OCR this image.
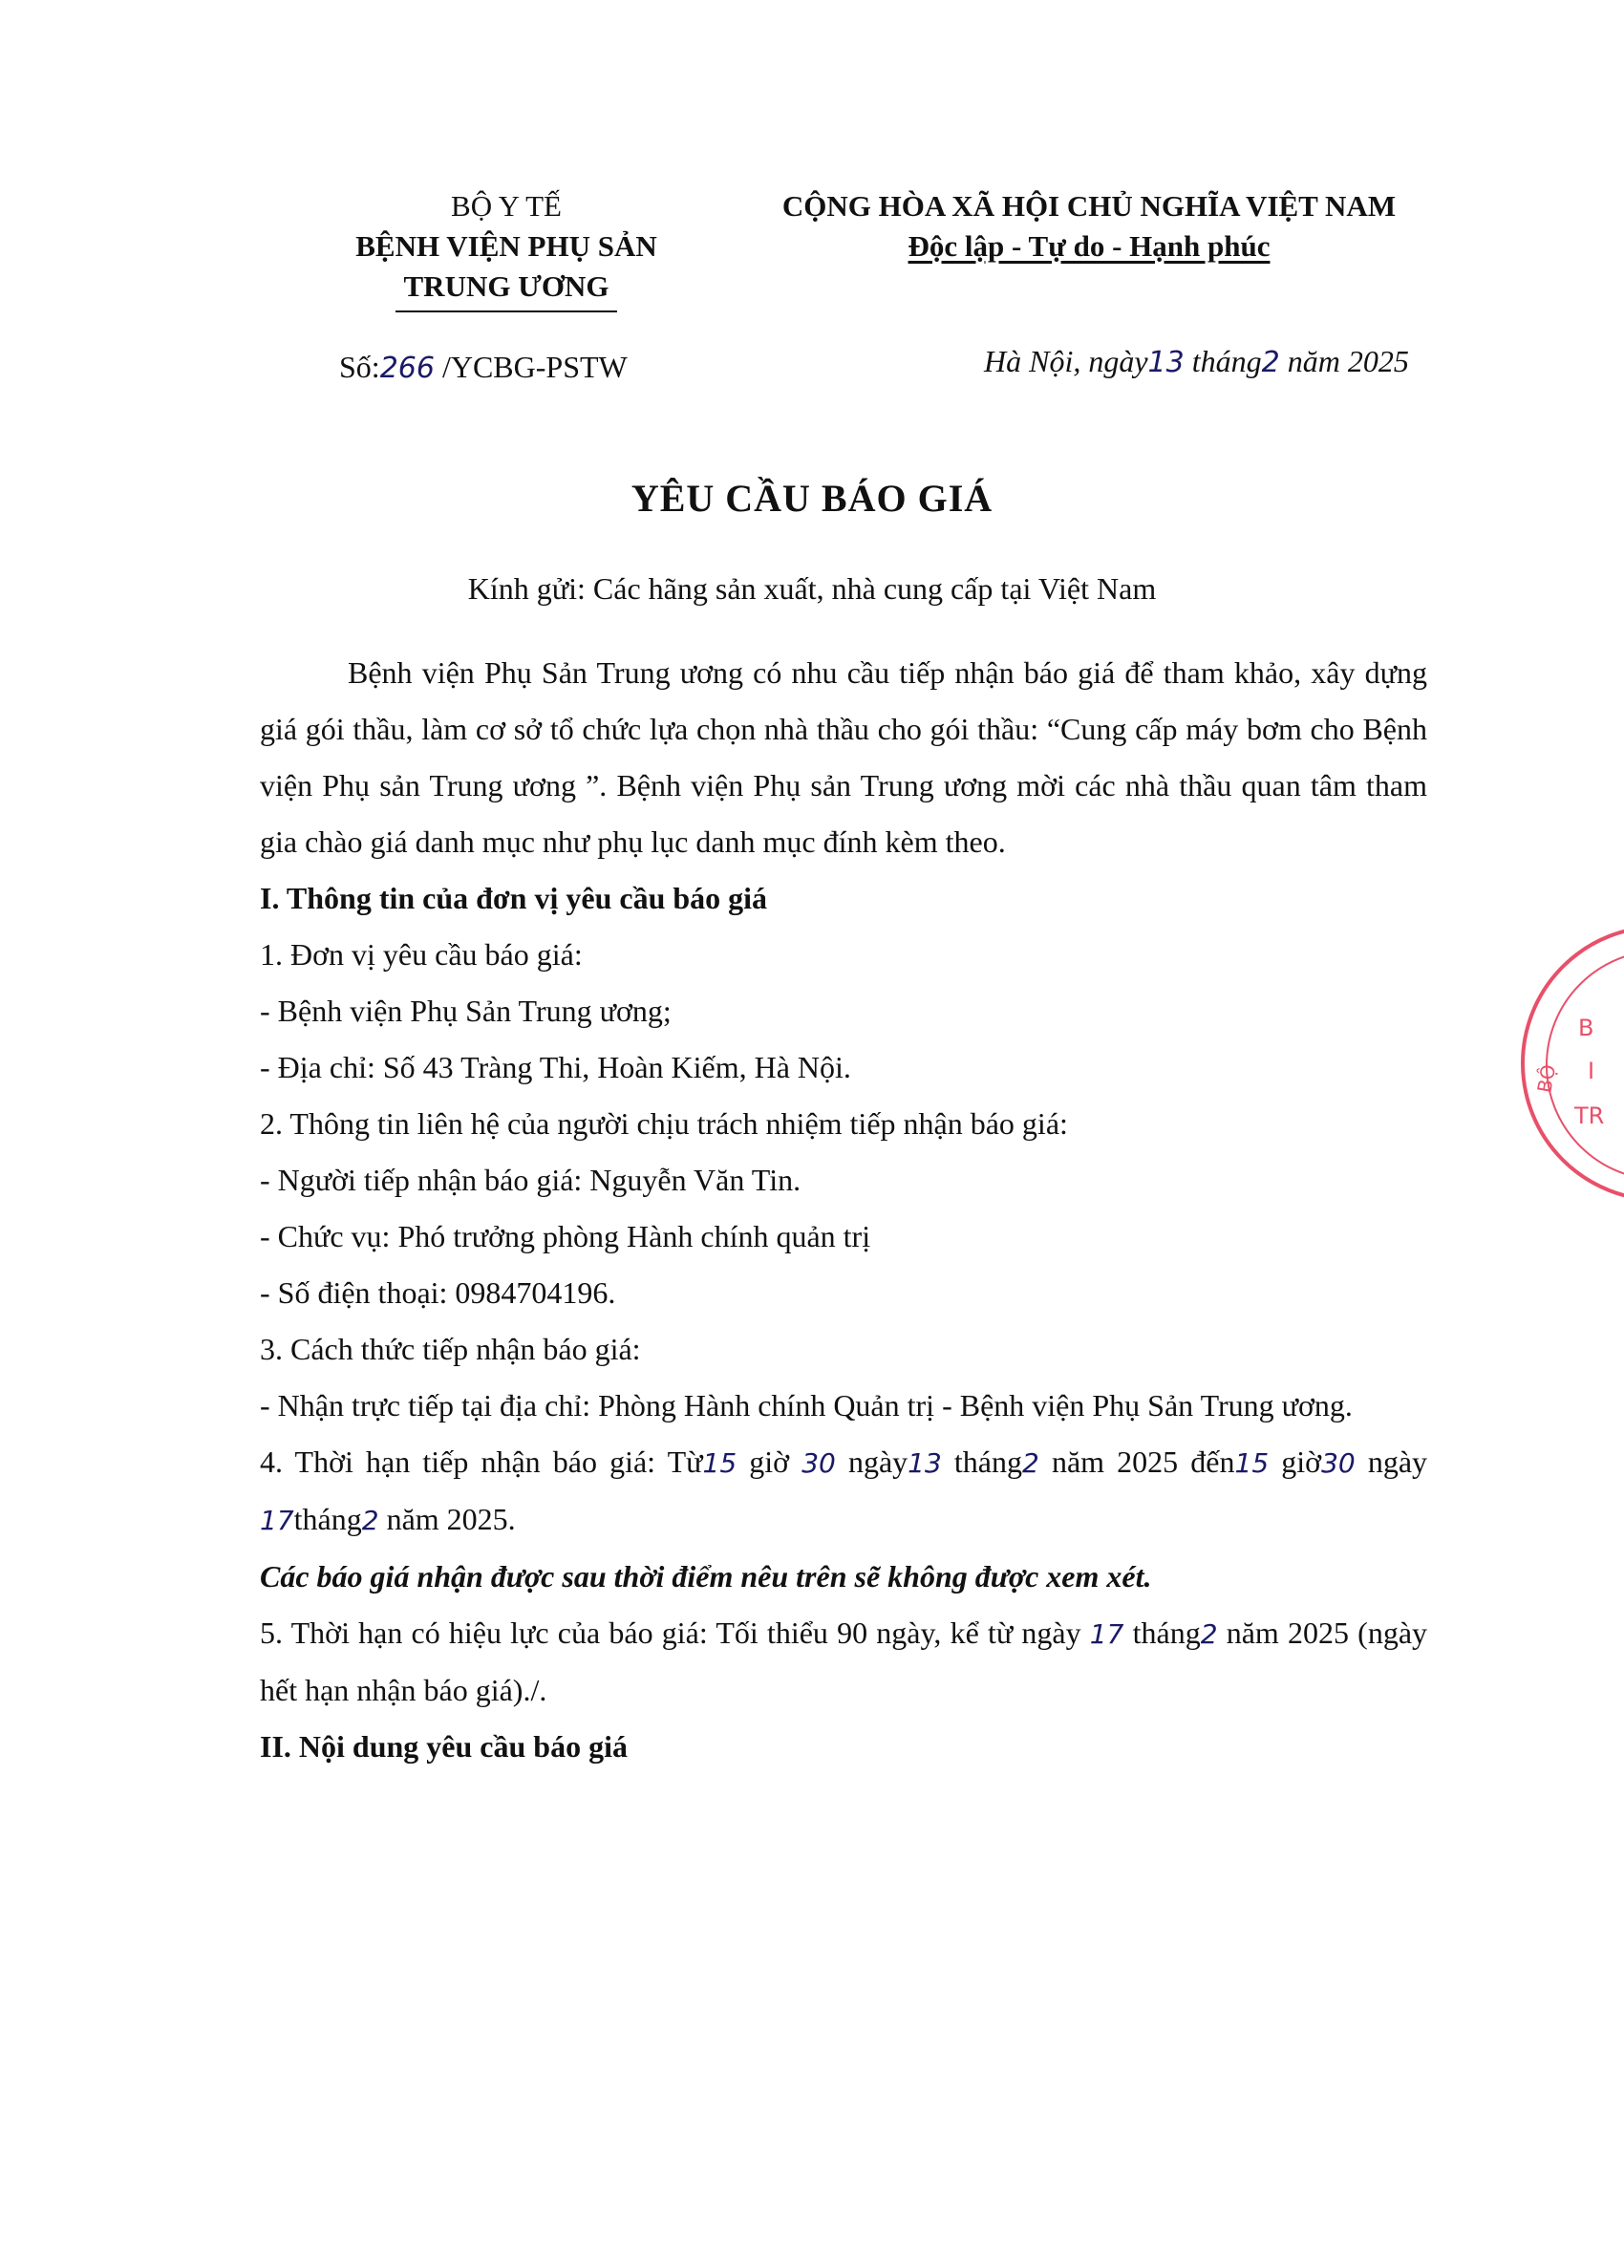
BỘ Y TẾ
BỆNH VIỆN PHỤ SẢN
TRUNG ƯƠNG
CỘNG HÒA XÃ HỘI CHỦ NGHĨA VIỆT NAM
Độc lập - Tự do - Hạnh phúc
Số:266 /YCBG-PSTW	Hà Nội, ngày13 tháng2 năm 2025
YÊU CẦU BÁO GIÁ
Kính gửi: Các hãng sản xuất, nhà cung cấp tại Việt Nam

Bệnh viện Phụ Sản Trung ương có nhu cầu tiếp nhận báo giá để tham khảo, xây dựng giá gói thầu, làm cơ sở tổ chức lựa chọn nhà thầu cho gói thầu: “Cung cấp máy bơm cho Bệnh viện Phụ sản Trung ương ”. Bệnh viện Phụ sản Trung ương mời các nhà thầu quan tâm tham gia chào giá danh mục như phụ lục danh mục đính kèm theo.

I. Thông tin của đơn vị yêu cầu báo giá

1. Đơn vị yêu cầu báo giá:

- Bệnh viện Phụ Sản Trung ương;

- Địa chỉ: Số 43 Tràng Thi, Hoàn Kiếm, Hà Nội.

2. Thông tin liên hệ của người chịu trách nhiệm tiếp nhận báo giá:

- Người tiếp nhận báo giá: Nguyễn Văn Tin.

- Chức vụ: Phó trưởng phòng Hành chính quản trị

- Số điện thoại: 0984704196.

3. Cách thức tiếp nhận báo giá:

- Nhận trực tiếp tại địa chỉ: Phòng Hành chính Quản trị - Bệnh viện Phụ Sản Trung ương.

4. Thời hạn tiếp nhận báo giá: Từ15 giờ 30 ngày13 tháng2 năm 2025 đến15 giờ30 ngày 17tháng2 năm 2025.

Các báo giá nhận được sau thời điểm nêu trên sẽ không được xem xét.

5. Thời hạn có hiệu lực của báo giá: Tối thiểu 90 ngày, kể từ ngày 17 tháng2 năm 2025 (ngày hết hạn nhận báo giá)./.

II. Nội dung yêu cầu báo giá

B
I
TR
BỘ
